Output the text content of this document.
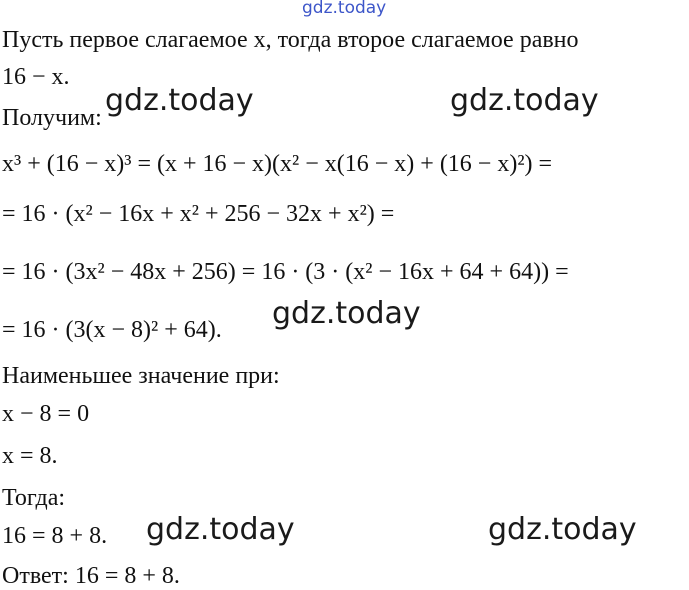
gdz.today
Пусть первое слагаемое x, тогда второе слагаемое равно
16 − x.
Получим: gdz.today	gdz.today
x³ + (16 − x)³ = (x + 16 − x)(x² − x(16 − x) + (16 − x)²) =
= 16 · (x² − 16x + x² + 256 − 32x + x²) =
= 16 · (3x² − 48x + 256) = 16 · (3 · (x² − 16x + 64 + 64)) =
= 16 · (3(x − 8)² + 64). gdz.today
Наименьшее значение при:
x − 8 = 0
x = 8.
Тогда:
16 = 8 + 8. gdz.today	gdz.today
Ответ: 16 = 8 + 8.
